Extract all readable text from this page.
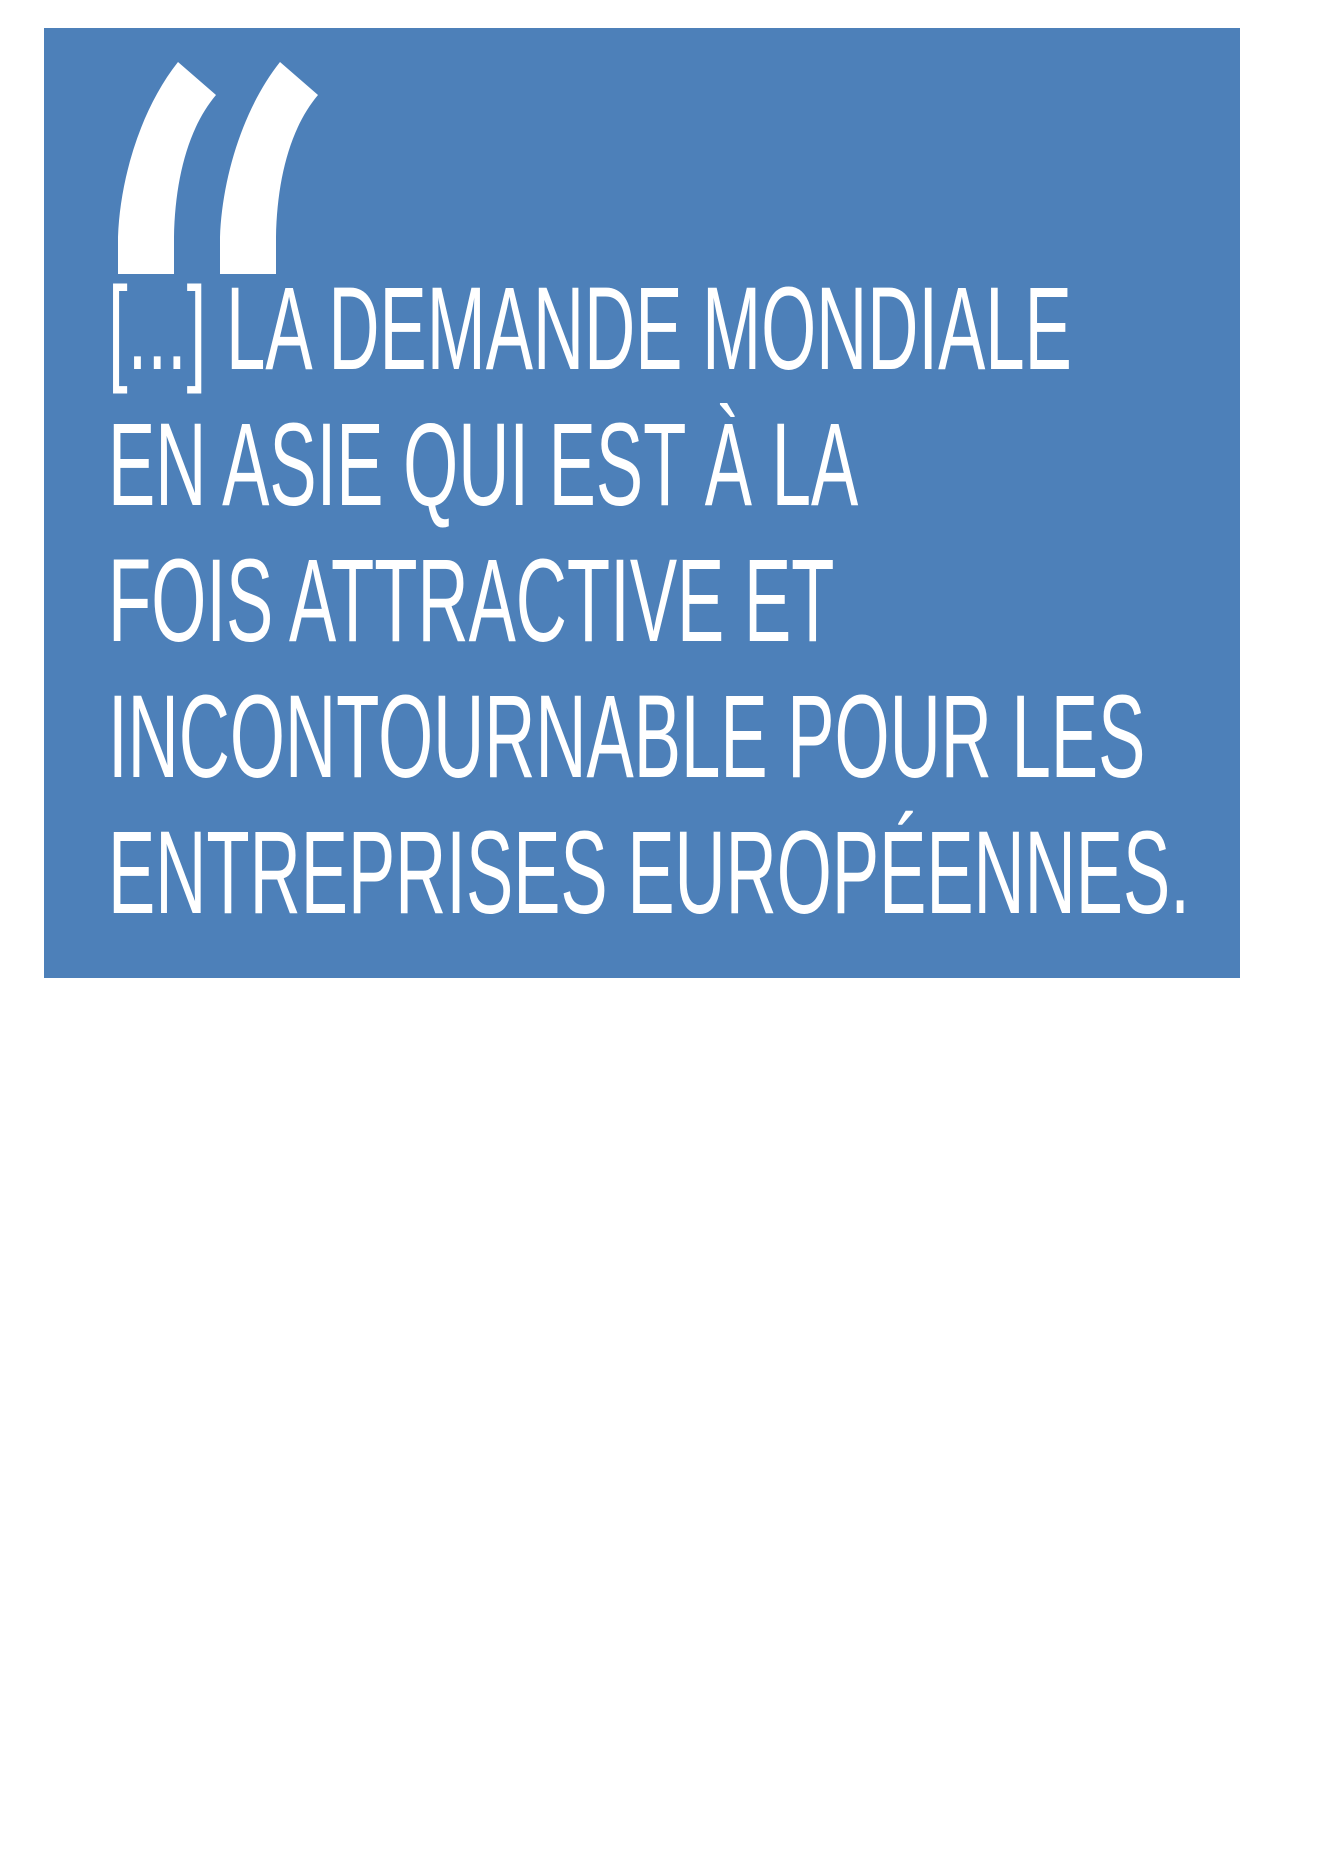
[...] LA DEMANDE MONDIALE
EN ASIE QUI EST À LA
FOIS ATTRACTIVE ET
INCONTOURNABLE POUR LES
ENTREPRISES EUROPÉENNES.
